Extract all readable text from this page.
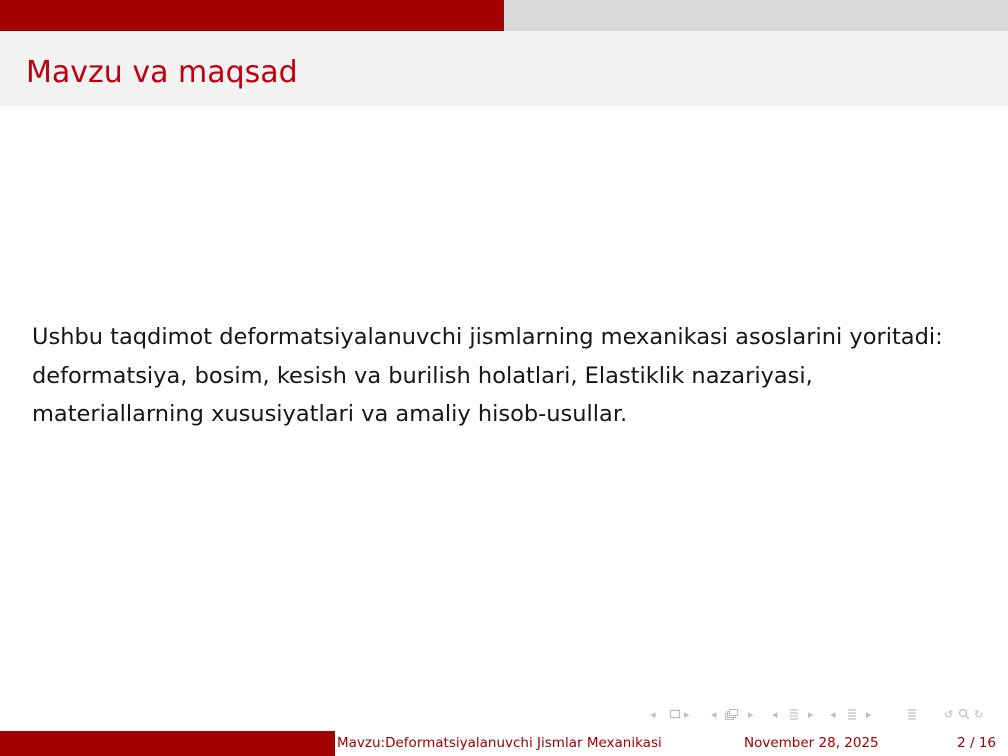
Mavzu va maqsad

Ushbu taqdimot deformatsiyalanuvchi jismlarning mexanikasi asoslarini yoritadi: deformatsiya, bosim, kesish va burilish holatlari, Elastiklik nazariyasi, materiallarning xususiyatlari va amaliy hisob-usullar.

◂	▸ ◂	▸ ◂	▸ ◂	▸	↺ ↻
Mavzu:Deformatsiyalanuvchi Jismlar Mexanikasi	November 28, 2025	2 / 16
